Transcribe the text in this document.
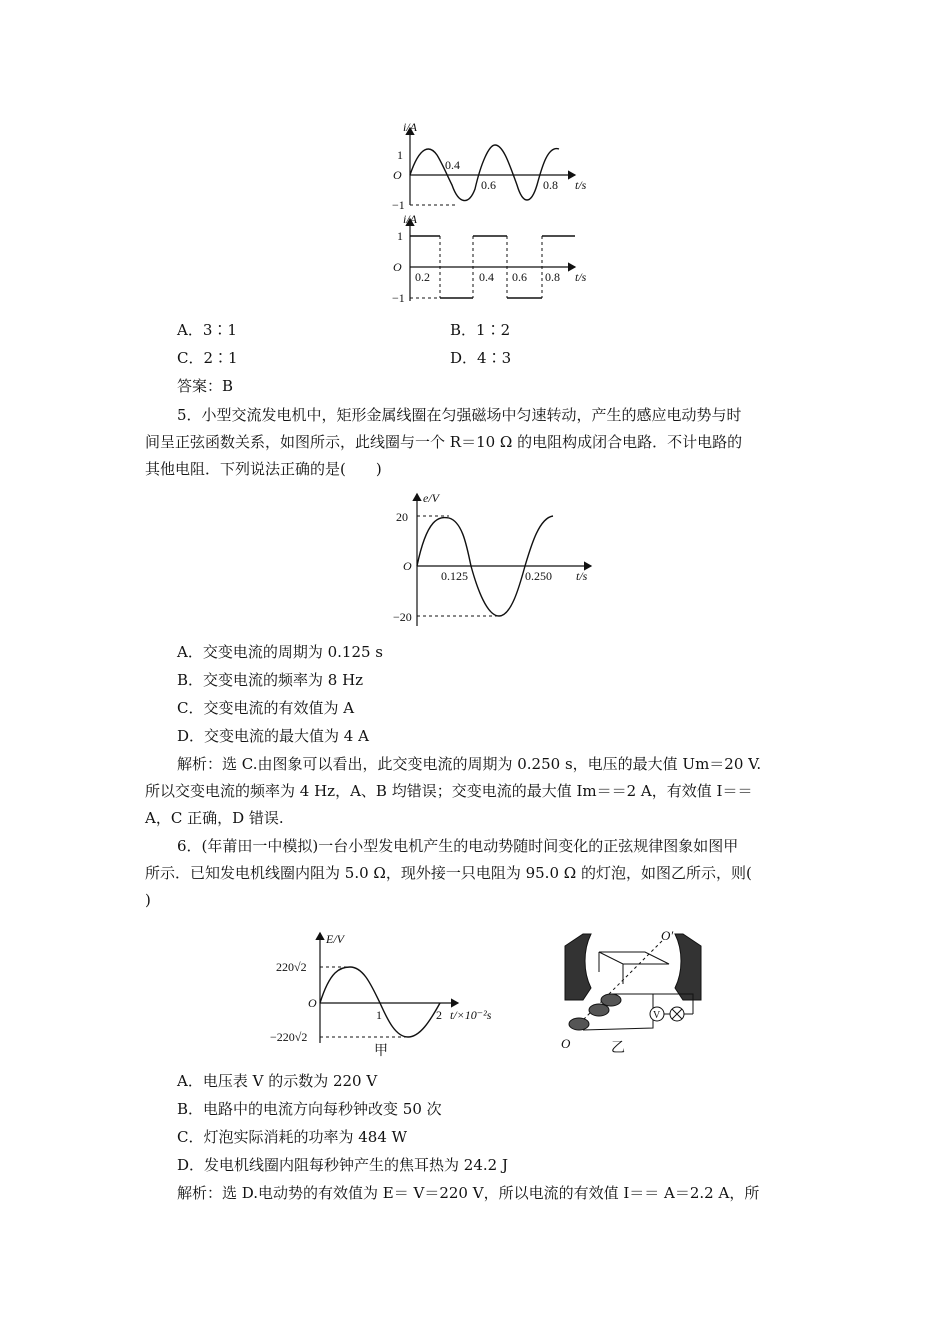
i/A
1
−1
O
0.4
0.6	0.8 t/s
i/A
1
−1
O
0.2	0.4 0.6 0.8 t/s
A．3∶1	B．1∶2
C．2∶1	D．4∶3
答案：B
5．小型交流发电机中，矩形金属线圈在匀强磁场中匀速转动，产生的感应电动势与时
间呈正弦函数关系，如图所示，此线圈与一个 R＝10 Ω 的电阻构成闭合电路．不计电路的
其他电阻．下列说法正确的是(　　)
e/V
20
−20
O
0.125	0.250 t/s
A．交变电流的周期为 0.125 s
B．交变电流的频率为 8 Hz
C．交变电流的有效值为 A
D．交变电流的最大值为 4 A
解析：选 C.由图象可以看出，此交变电流的周期为 0.250 s，电压的最大值 Um＝20 V.
所以交变电流的频率为 4 Hz，A、B 均错误；交变电流的最大值 Im＝＝2 A，有效值 I＝＝
A，C 正确，D 错误.
6．(年莆田一中模拟)一台小型发电机产生的电动势随时间变化的正弦规律图象如图甲
所示．已知发电机线圈内阻为 5.0 Ω，现外接一只电阻为 95.0 Ω 的灯泡，如图乙所示，则(
)
E/V
220√2
−220√2
O
1	2 t/×10⁻²s
甲
V
O′
O	乙
A．电压表 V 的示数为 220 V
B．电路中的电流方向每秒钟改变 50 次
C．灯泡实际消耗的功率为 484 W
D．发电机线圈内阻每秒钟产生的焦耳热为 24.2 J
解析：选 D.电动势的有效值为 E＝ V＝220 V，所以电流的有效值 I＝＝ A＝2.2 A，所
